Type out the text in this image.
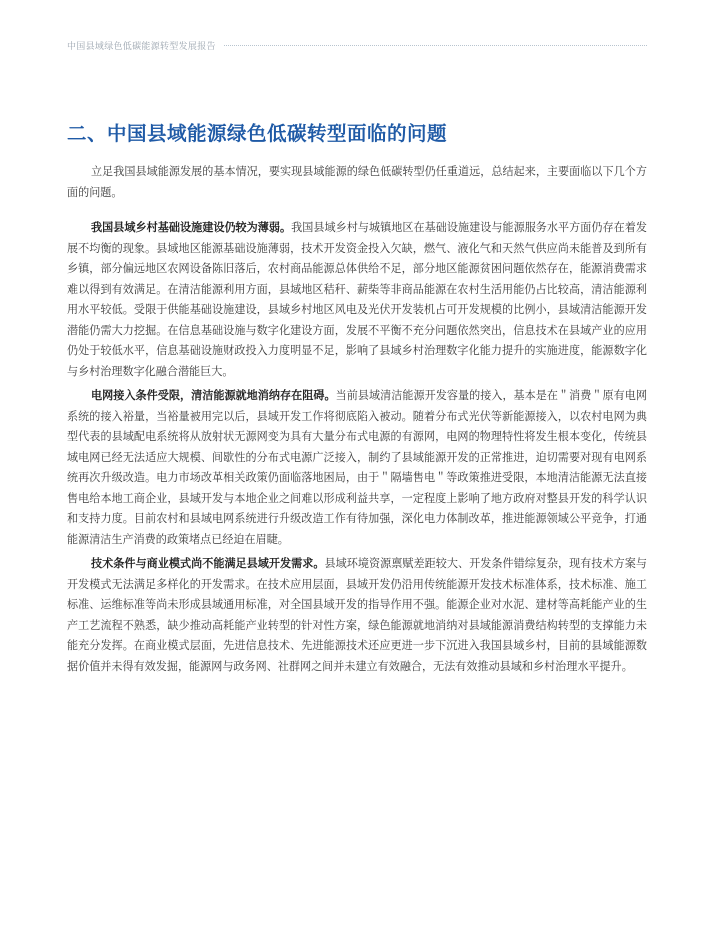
中国县域绿色低碳能源转型发展报告
二、中国县域能源绿色低碳转型面临的问题

立足我国县域能源发展的基本情况，要实现县域能源的绿色低碳转型仍任重道远，总结起来，主要面临以下几个方面的问题。

我国县域乡村基础设施建设仍较为薄弱。我国县域乡村与城镇地区在基础设施建设与能源服务水平方面仍存在着发展不均衡的现象。县域地区能源基础设施薄弱，技术开发资金投入欠缺，燃气、液化气和天然气供应尚未能普及到所有乡镇，部分偏远地区农网设备陈旧落后，农村商品能源总体供给不足，部分地区能源贫困问题依然存在，能源消费需求难以得到有效满足。在清洁能源利用方面，县域地区秸秆、薪柴等非商品能源在农村生活用能仍占比较高，清洁能源利用水平较低。受限于供能基础设施建设，县域乡村地区风电及光伏开发装机占可开发规模的比例小，县域清洁能源开发潜能仍需大力挖掘。在信息基础设施与数字化建设方面，发展不平衡不充分问题依然突出，信息技术在县域产业的应用仍处于较低水平，信息基础设施财政投入力度明显不足，影响了县域乡村治理数字化能力提升的实施进度，能源数字化与乡村治理数字化融合潜能巨大。

电网接入条件受限，清洁能源就地消纳存在阻碍。当前县域清洁能源开发容量的接入，基本是在＂消费＂原有电网系统的接入裕量，当裕量被用完以后，县域开发工作将彻底陷入被动。随着分布式光伏等新能源接入，以农村电网为典型代表的县域配电系统将从放射状无源网变为具有大量分布式电源的有源网，电网的物理特性将发生根本变化，传统县域电网已经无法适应大规模、间歇性的分布式电源广泛接入，制约了县域能源开发的正常推进，迫切需要对现有电网系统再次升级改造。电力市场改革相关政策仍面临落地困局，由于＂隔墙售电＂等政策推进受限，本地清洁能源无法直接售电给本地工商企业，县域开发与本地企业之间难以形成利益共享，一定程度上影响了地方政府对整县开发的科学认识和支持力度。目前农村和县域电网系统进行升级改造工作有待加强，深化电力体制改革，推进能源领域公平竞争，打通能源清洁生产消费的政策堵点已经迫在眉睫。

技术条件与商业模式尚不能满足县域开发需求。县域环境资源禀赋差距较大、开发条件错综复杂，现有技术方案与开发模式无法满足多样化的开发需求。在技术应用层面，县域开发仍沿用传统能源开发技术标准体系，技术标准、施工标准、运维标准等尚未形成县域通用标准，对全国县域开发的指导作用不强。能源企业对水泥、建材等高耗能产业的生产工艺流程不熟悉，缺少推动高耗能产业转型的针对性方案，绿色能源就地消纳对县域能源消费结构转型的支撑能力未能充分发挥。在商业模式层面，先进信息技术、先进能源技术还应更进一步下沉进入我国县域乡村，目前的县域能源数据价值并未得有效发掘，能源网与政务网、社群网之间并未建立有效融合，无法有效推动县域和乡村治理水平提升。
